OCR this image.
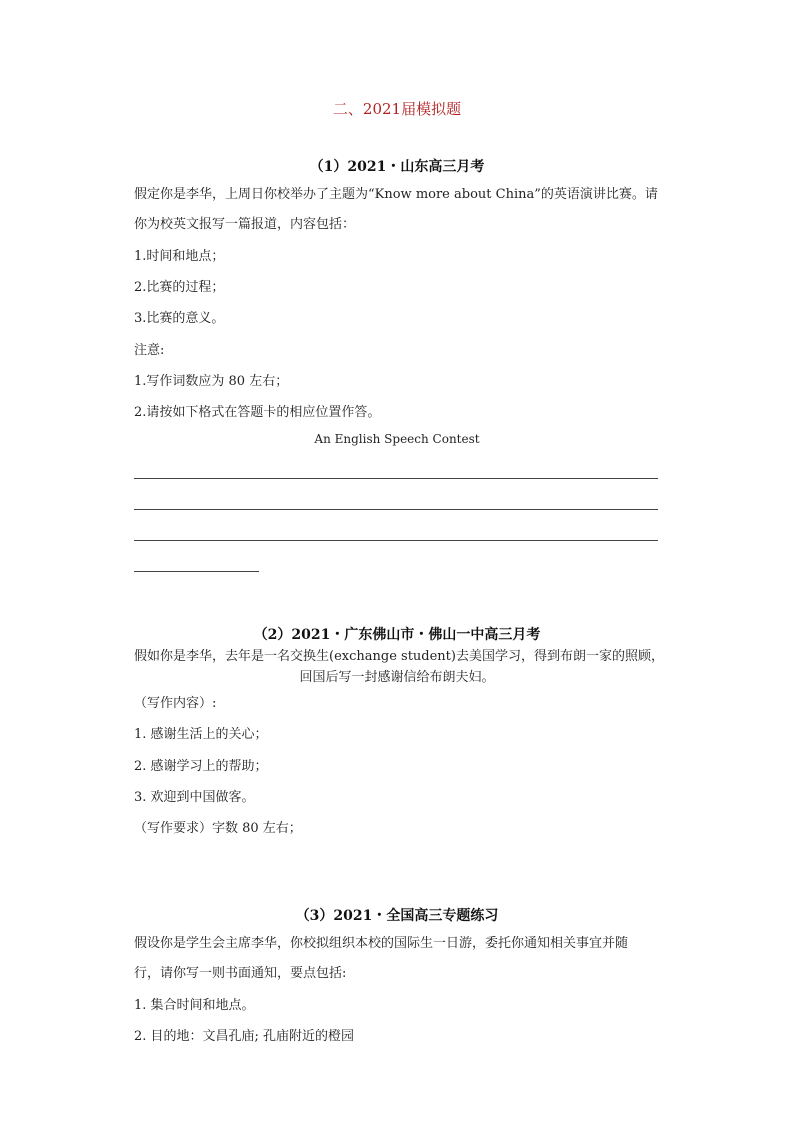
二、2021届模拟题
（1）2021・山东高三月考
假定你是李华，上周日你校举办了主题为“Know more about China”的英语演讲比赛。请
你为校英文报写一篇报道，内容包括：
1.时间和地点；
2.比赛的过程；
3.比赛的意义。
注意:
1.写作词数应为 80 左右；
2.请按如下格式在答题卡的相应位置作答。
An English Speech Contest
（2）2021・广东佛山市・佛山一中高三月考
假如你是李华，去年是一名交换生(exchange student)去美国学习，得到布朗一家的照顾，
回国后写一封感谢信给布朗夫妇。
（写作内容）:
1. 感谢生活上的关心；
2. 感谢学习上的帮助；
3. 欢迎到中国做客。
（写作要求）字数 80 左右；
（3）2021・全国高三专题练习
假设你是学生会主席李华，你校拟组织本校的国际生一日游，委托你通知相关事宜并随
行，请你写一则书面通知，要点包括:
1. 集合时间和地点。
2. 目的地：文昌孔庙; 孔庙附近的橙园
